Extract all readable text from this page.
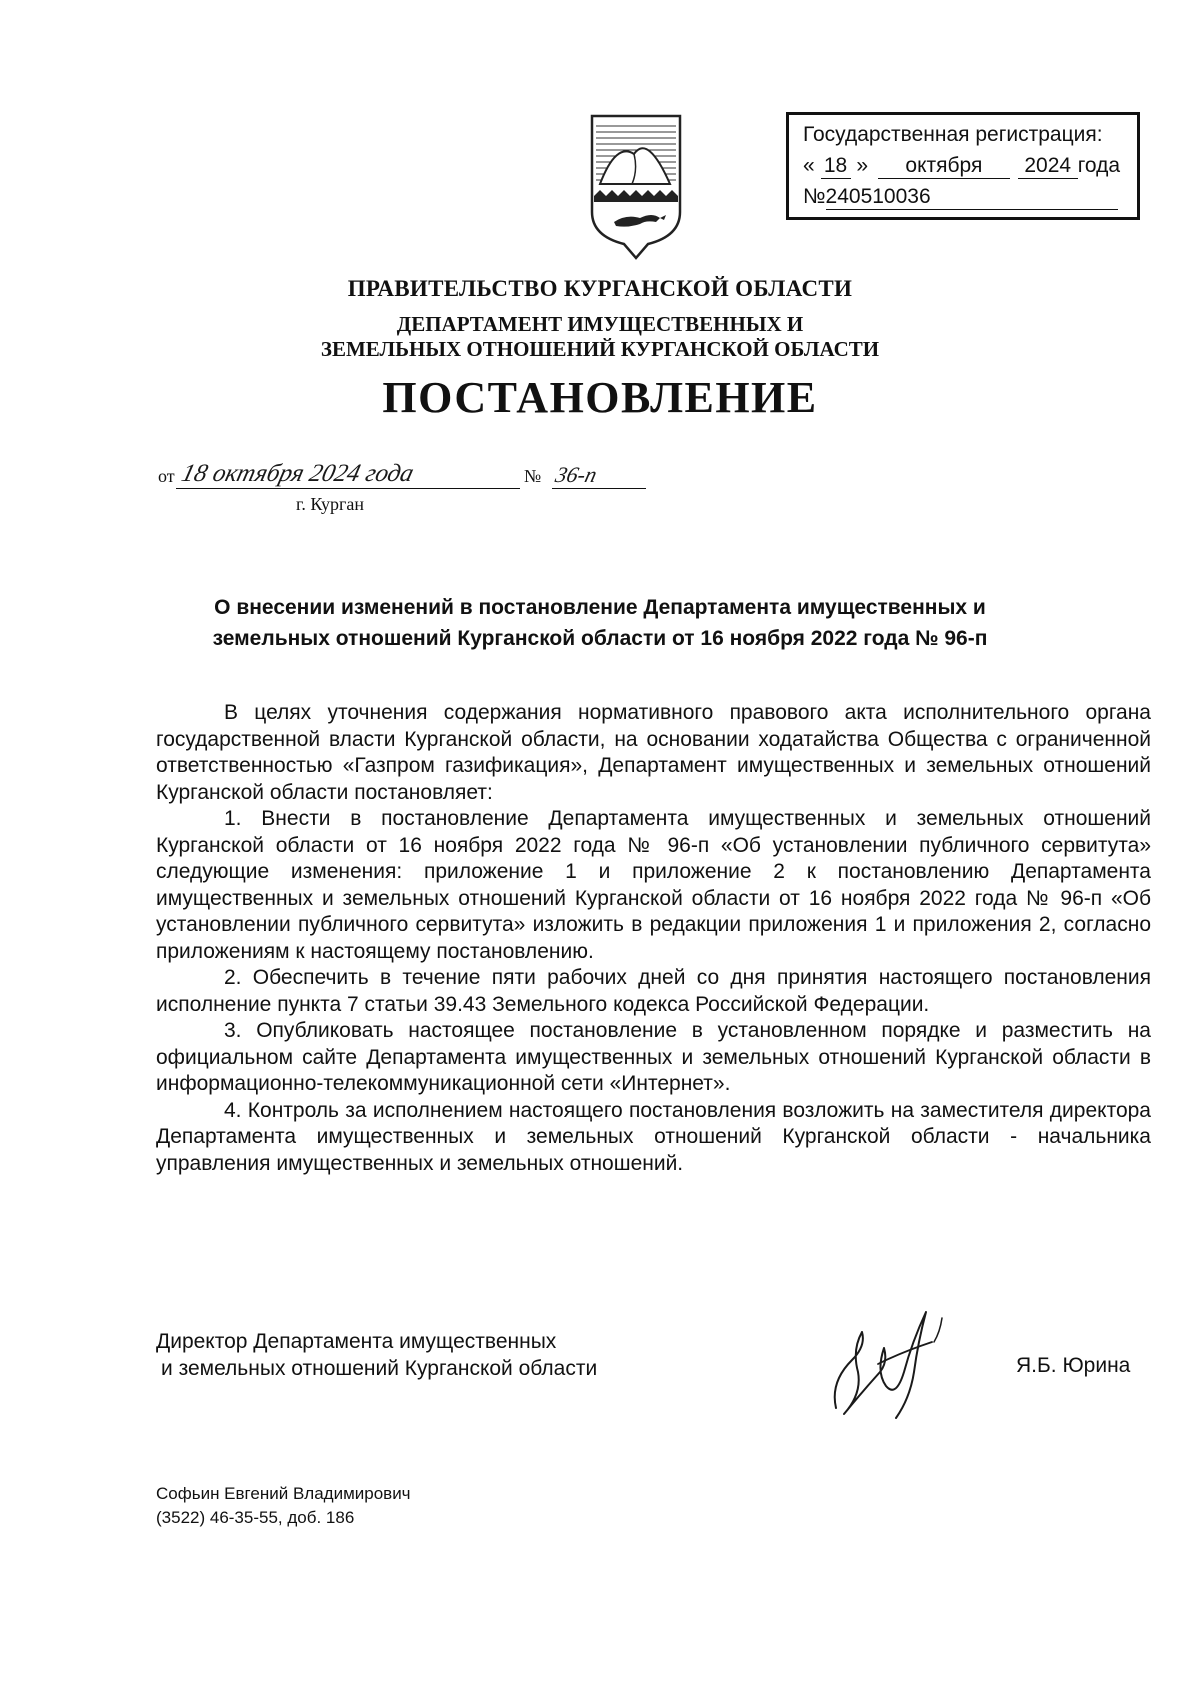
Государственная регистрация:
« 18 » октября 2024 года
№240510036
ПРАВИТЕЛЬСТВО КУРГАНСКОЙ ОБЛАСТИ
ДЕПАРТАМЕНТ ИМУЩЕСТВЕННЫХ И
ЗЕМЕЛЬНЫХ ОТНОШЕНИЙ КУРГАНСКОЙ ОБЛАСТИ
ПОСТАНОВЛЕНИЕ
от 18 октября 2024 года	№ 36-п
г. Курган
О внесении изменений в постановление Департамента имущественных и
земельных отношений Курганской области от 16 ноября 2022 года № 96-п

В целях уточнения содержания нормативного правового акта исполнительного органа государственной власти Курганской области, на основании ходатайства Общества с ограниченной ответственностью «Газпром газификация», Департамент имущественных и земельных отношений Курганской области постановляет:

1. Внести в постановление Департамента имущественных и земельных отношений Курганской области от 16 ноября 2022 года № 96-п «Об установлении публичного сервитута» следующие изменения: приложение 1 и приложение 2 к постановлению Департамента имущественных и земельных отношений Курганской области от 16 ноября 2022 года № 96-п «Об установлении публичного сервитута» изложить в редакции приложения 1 и приложения 2, согласно приложениям к настоящему постановлению.

2. Обеспечить в течение пяти рабочих дней со дня принятия настоящего постановления исполнение пункта 7 статьи 39.43 Земельного кодекса Российской Федерации.

3. Опубликовать настоящее постановление в установленном порядке и разместить на официальном сайте Департамента имущественных и земельных отношений Курганской области в информационно-телекоммуникационной сети «Интернет».

4. Контроль за исполнением настоящего постановления возложить на заместителя директора Департамента имущественных и земельных отношений Курганской области - начальника управления имущественных и земельных отношений.

Директор Департамента имущественных
и земельных отношений Курганской области	Я.Б. Юрина
Софьин Евгений Владимирович
(3522) 46-35-55, доб. 186
